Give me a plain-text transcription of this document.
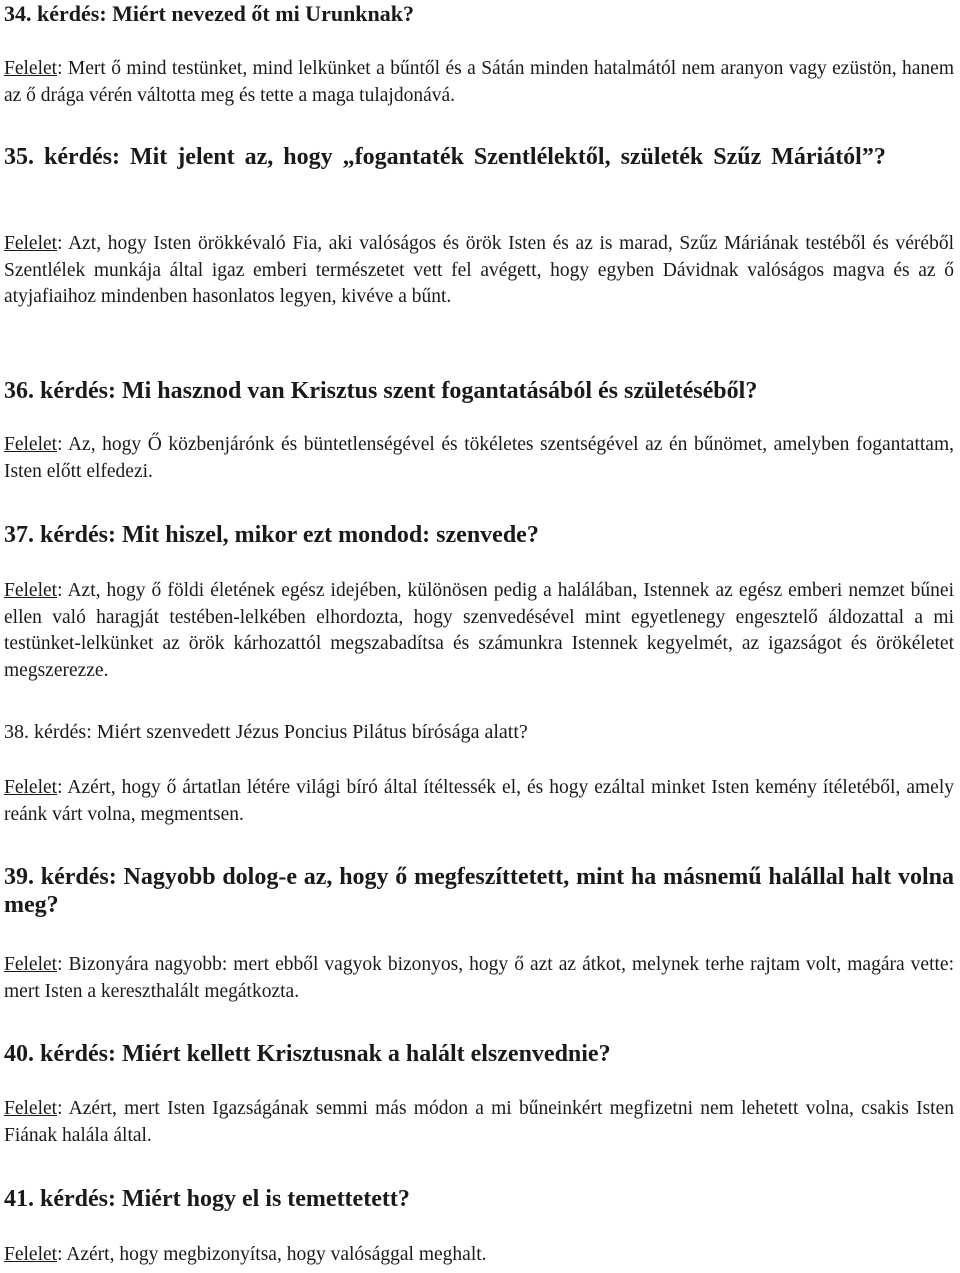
34. kérdés: Miért nevezed őt mi Urunknak?

Felelet: Mert ő mind testünket, mind lelkünket a bűntől és a Sátán minden hatalmától nem aranyon vagy ezüstön, hanem az ő drága vérén váltotta meg és tette a maga tulajdonává.

35. kérdés: Mit jelent az, hogy „fogantaték Szentlélektől, születék Szűz Máriától”?

Felelet: Azt, hogy Isten örökkévaló Fia, aki valóságos és örök Isten és az is marad, Szűz Máriának testéből és véréből Szentlélek munkája által igaz emberi természetet vett fel avégett, hogy egyben Dávidnak valóságos magva és az ő atyjafiaihoz mindenben hasonlatos legyen, kivéve a bűnt.

36. kérdés: Mi hasznod van Krisztus szent fogantatásából és születéséből?

Felelet: Az, hogy Ő közbenjárónk és büntetlenségével és tökéletes szentségével az én bűnömet, amelyben fogantattam, Isten előtt elfedezi.

37. kérdés: Mit hiszel, mikor ezt mondod: szenvede?

Felelet: Azt, hogy ő földi életének egész idejében, különösen pedig a halálában, Istennek az egész emberi nemzet bűnei ellen való haragját testében-lelkében elhordozta, hogy szenvedésével mint egyetlenegy engesztelő áldozattal a mi testünket-lelkünket az örök kárhozattól megszabadítsa és számunkra Istennek kegyelmét, az igazságot és örökéletet megszerezze.

38. kérdés: Miért szenvedett Jézus Poncius Pilátus bírósága alatt?

Felelet: Azért, hogy ő ártatlan létére világi bíró által ítéltessék el, és hogy ezáltal minket Isten kemény ítéletéből, amely reánk várt volna, megmentsen.

39. kérdés: Nagyobb dolog-e az, hogy ő megfeszíttetett, mint ha másnemű halállal halt volna meg?

Felelet: Bizonyára nagyobb: mert ebből vagyok bizonyos, hogy ő azt az átkot, melynek terhe rajtam volt, magára vette: mert Isten a kereszthalált megátkozta.

40. kérdés: Miért kellett Krisztusnak a halált elszenvednie?

Felelet: Azért, mert Isten Igazságának semmi más módon a mi bűneinkért megfizetni nem lehetett volna, csakis Isten Fiának halála által.

41. kérdés: Miért hogy el is temettetett?

Felelet: Azért, hogy megbizonyítsa, hogy valósággal meghalt.
